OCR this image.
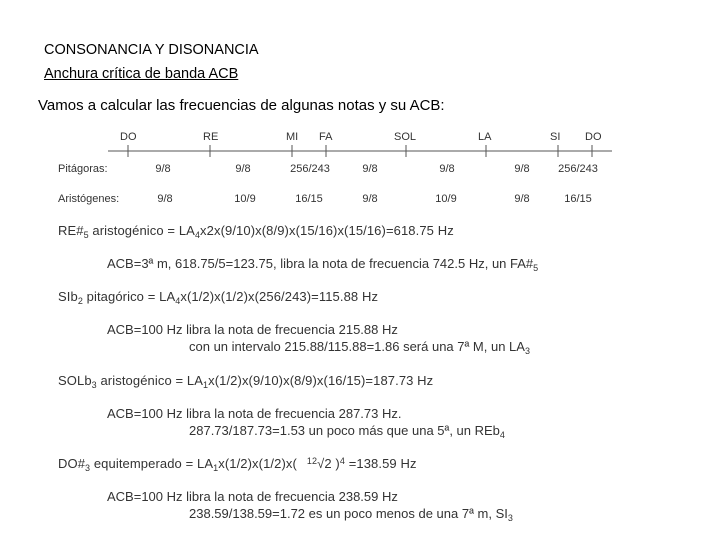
CONSONANCIA Y DISONANCIA
Anchura crítica de banda ACB
Vamos a calcular las frecuencias de algunas notas y su ACB:
DO	RE	MI FA	SOL	LA	SI DO
Pitágoras:	9/8	9/8	256/243	9/8	9/8	9/8	256/243
Aristógenes:	9/8	10/9	16/15	9/8	10/9	9/8	16/15
$RE\#_5$ aristogénico = $LA_4x2x(9/10)x(8/9)x(15/16)x(15/16)=618.75$ Hz
ACB=3ª m, 618.75/5=123.75, libra la nota de frecuencia 742.5 Hz, un $FA\#_5$
SIb$_2$ pitagórico = $LA_4x(1/2)x(1/2)x(256/243)=115.88$ Hz
ACB=100 Hz libra la nota de frecuencia 215.88 Hz
con un intervalo 215.88/115.88=1.86 será una 7ª M, un $LA_3$
SOLb$_3$ aristogénico = $LA_1x(1/2)x(9/10)x(8/9)x(16/15)=187.73$ Hz
ACB=100 Hz libra la nota de frecuencia 287.73 Hz.
287.73/187.73=1.53 un poco más que una 5ª, un REb$_4$
$DO\#_3$ equitemperado = $LA_1x(1/2)x(1/2)x$( $^{12}$√2 )$^4$ =138.59 Hz
ACB=100 Hz libra la nota de frecuencia 238.59 Hz
238.59/138.59=1.72 es un poco menos de una 7ª m, $SI_3$
